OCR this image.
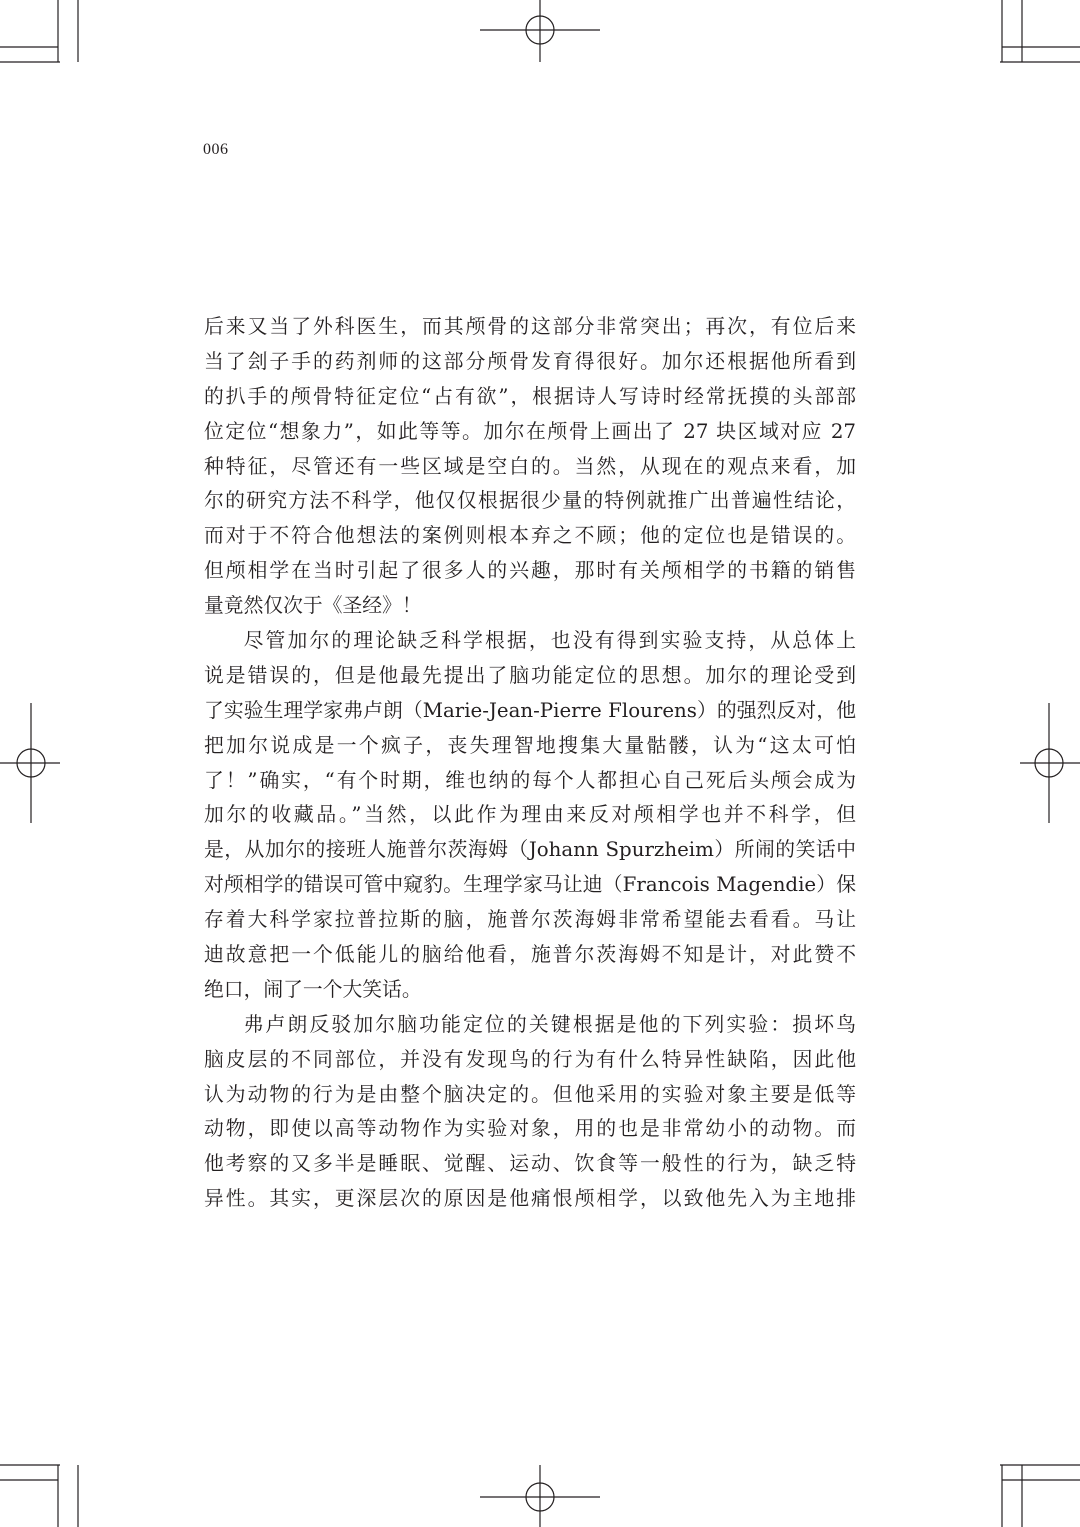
006
后来又当了外科医生，而其颅骨的这部分非常突出；再次，有位后来
当了刽子手的药剂师的这部分颅骨发育得很好。加尔还根据他所看到
的扒手的颅骨特征定位“占有欲”，根据诗人写诗时经常抚摸的头部部
位定位“想象力”，如此等等。加尔在颅骨上画出了 27 块区域对应 27
种特征，尽管还有一些区域是空白的。当然，从现在的观点来看，加
尔的研究方法不科学，他仅仅根据很少量的特例就推广出普遍性结论，
而对于不符合他想法的案例则根本弃之不顾；他的定位也是错误的。
但颅相学在当时引起了很多人的兴趣，那时有关颅相学的书籍的销售
量竟然仅次于《圣经》！
尽管加尔的理论缺乏科学根据，也没有得到实验支持，从总体上
说是错误的，但是他最先提出了脑功能定位的思想。加尔的理论受到
了实验生理学家弗卢朗（Marie-Jean-Pierre Flourens）的强烈反对，他
把加尔说成是一个疯子，丧失理智地搜集大量骷髅，认为“这太可怕
了！”确实，“有个时期，维也纳的每个人都担心自己死后头颅会成为
加尔的收藏品。”当然，以此作为理由来反对颅相学也并不科学，但
是，从加尔的接班人施普尔茨海姆（Johann Spurzheim）所闹的笑话中
对颅相学的错误可管中窥豹。生理学家马让迪（Francois Magendie）保
存着大科学家拉普拉斯的脑，施普尔茨海姆非常希望能去看看。马让
迪故意把一个低能儿的脑给他看，施普尔茨海姆不知是计，对此赞不
绝口，闹了一个大笑话。
弗卢朗反驳加尔脑功能定位的关键根据是他的下列实验：损坏鸟
脑皮层的不同部位，并没有发现鸟的行为有什么特异性缺陷，因此他
认为动物的行为是由整个脑决定的。但他采用的实验对象主要是低等
动物，即使以高等动物作为实验对象，用的也是非常幼小的动物。而
他考察的又多半是睡眠、觉醒、运动、饮食等一般性的行为，缺乏特
异性。其实，更深层次的原因是他痛恨颅相学，以致他先入为主地排
